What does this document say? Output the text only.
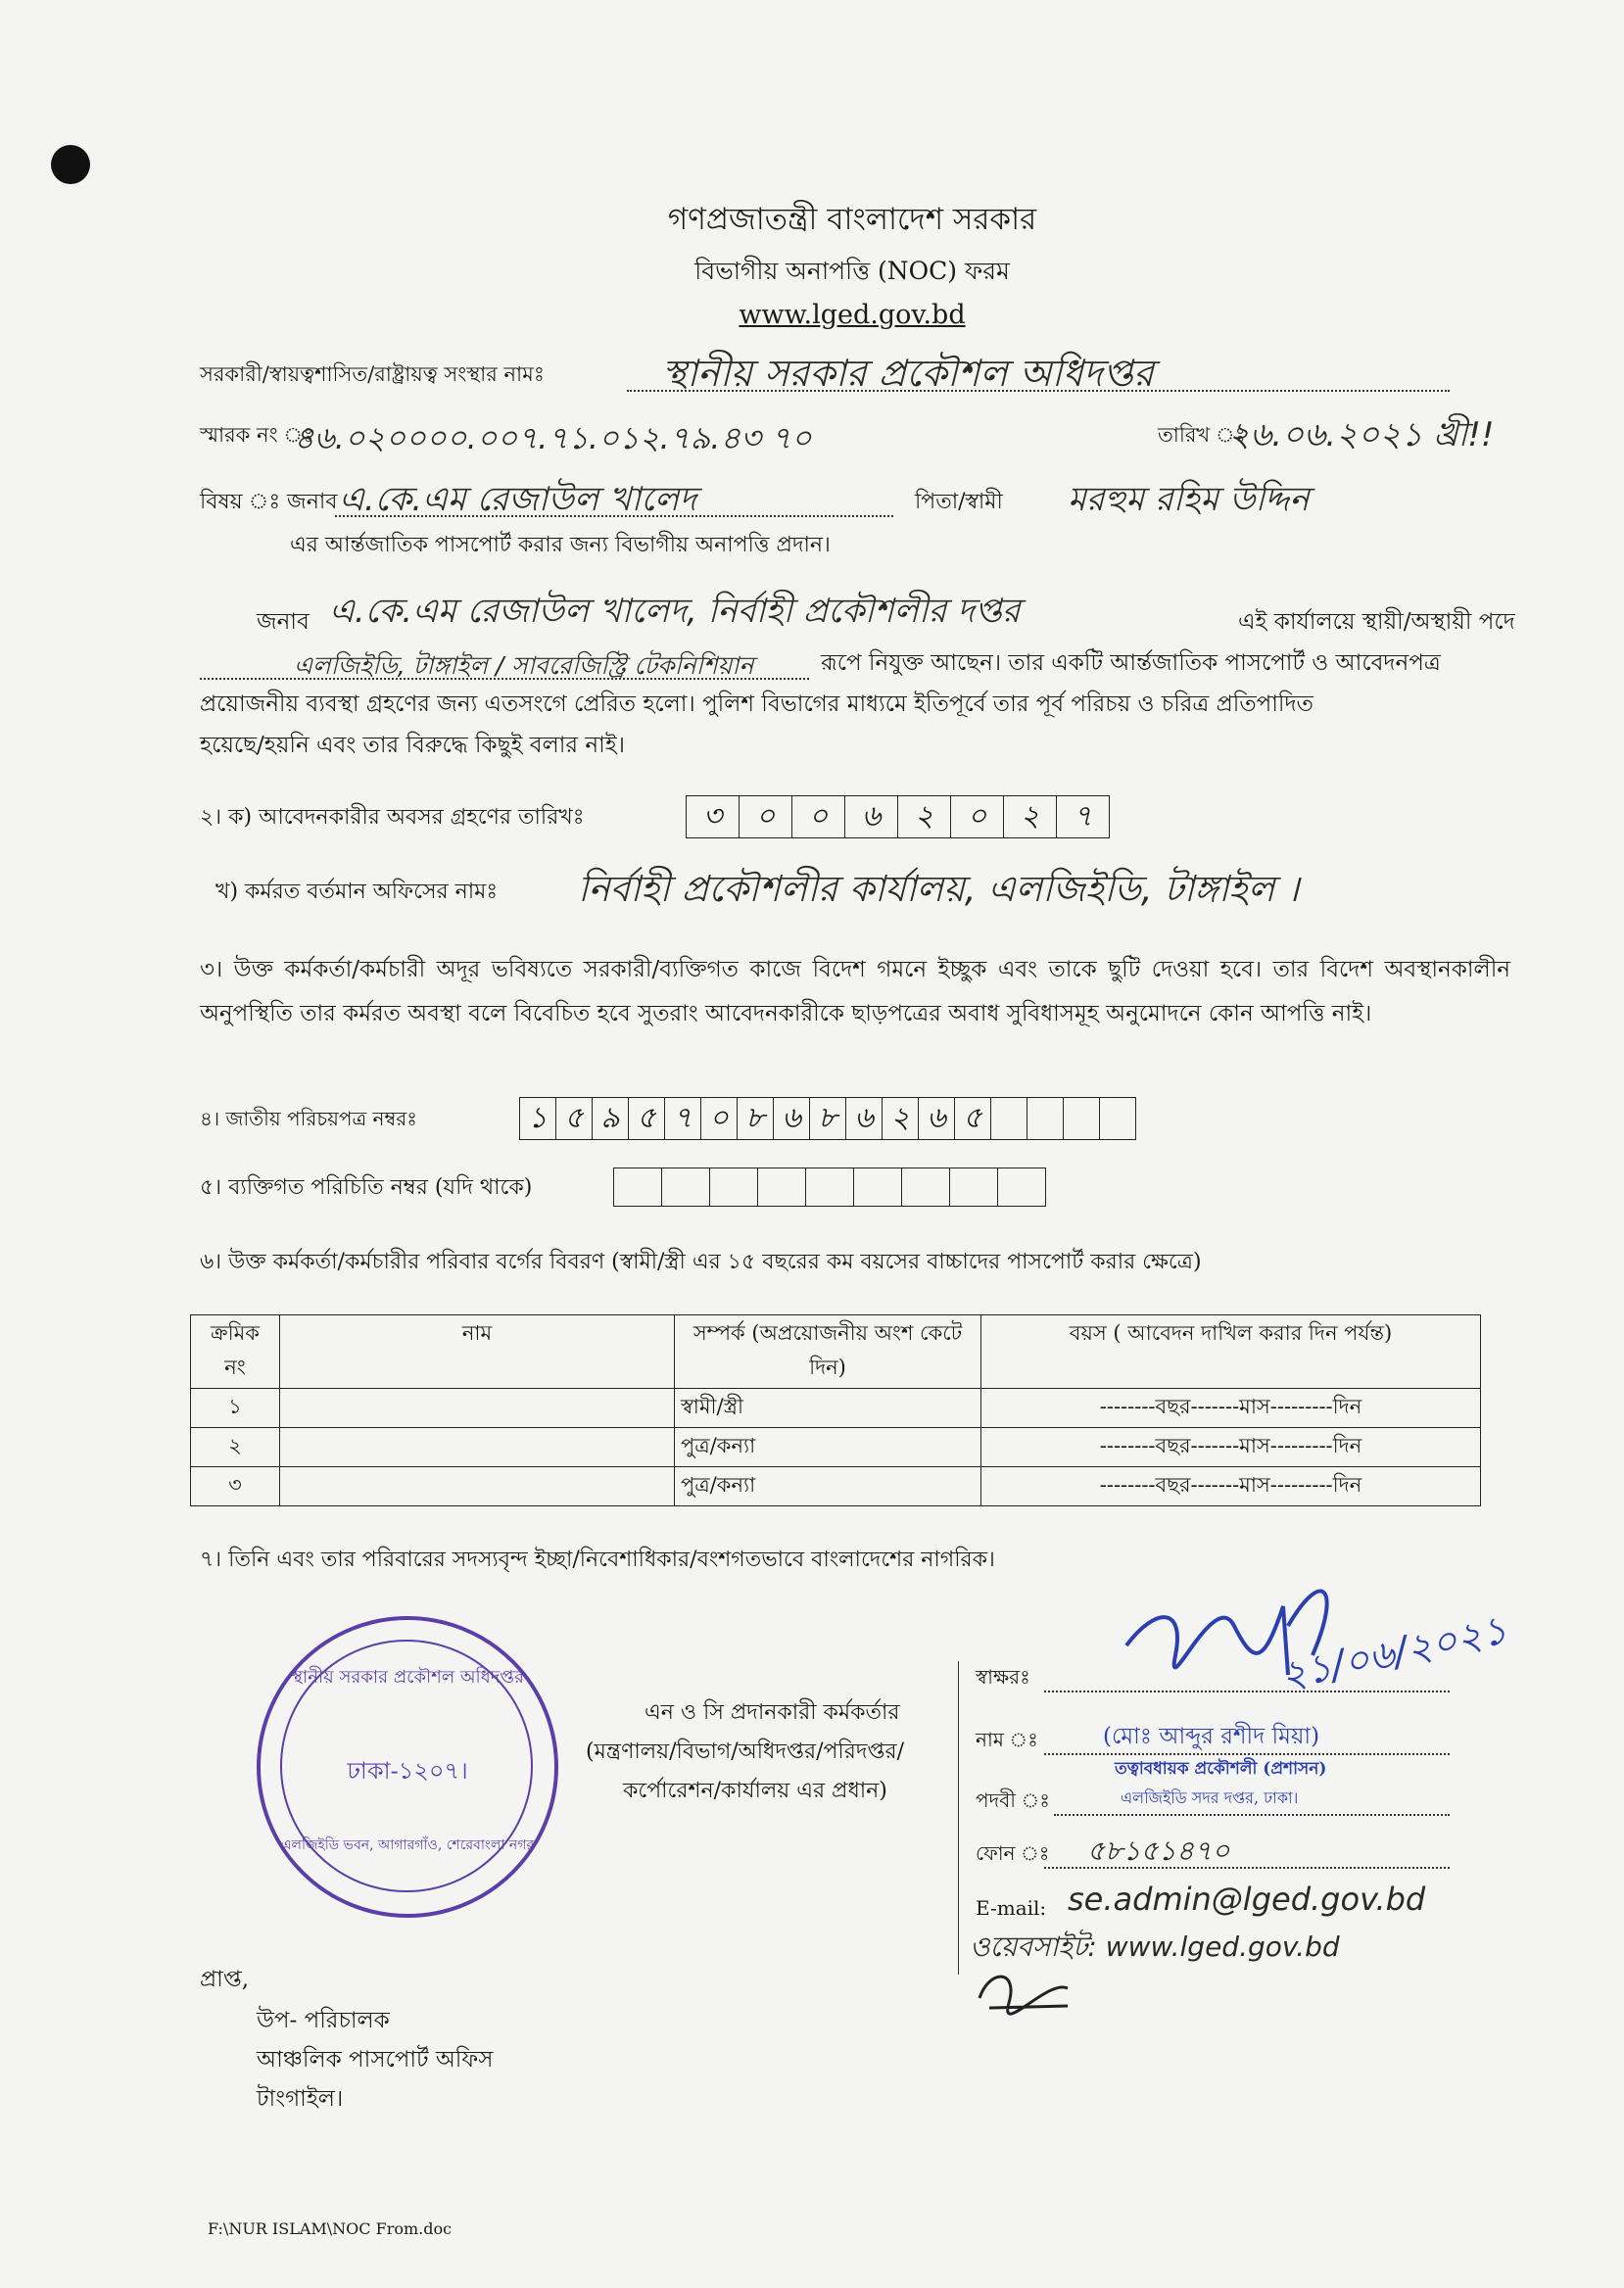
গণপ্রজাতন্ত্রী বাংলাদেশ সরকার
বিভাগীয় অনাপত্তি (NOC) ফরম
www.lged.gov.bd
সরকারী/স্বায়ত্বশাসিত/রাষ্ট্রায়ত্ব সংস্থার নামঃ	স্থানীয় সরকার প্রকৌশল অধিদপ্তর
স্মারক নং ঃ
৪৬.০২০০০০.০০৭.৭১.০১২.৭৯.৪৩ ৭০	তারিখ ঃ
২৬.০৬.২০২১ খ্রী!!
বিষয় ঃ জনাব এ.কে.এম রেজাউল খালেদ	পিতা/স্বামী মরহুম রহিম উদ্দিন
এর আর্ন্তজাতিক পাসপোর্ট করার জন্য বিভাগীয় অনাপত্তি প্রদান।
জনাব এ.কে.এম রেজাউল খালেদ, নির্বাহী প্রকৌশলীর দপ্তর	এই কার্যালয়ে স্থায়ী/অস্থায়ী পদে
এলজিইডি, টাঙ্গাইল / সাবরেজিস্ট্রি টেকনিশিয়ান	রূপে নিযুক্ত আছেন। তার একটি আর্ন্তজাতিক পাসপোর্ট ও আবেদনপত্র
প্রয়োজনীয় ব্যবস্থা গ্রহণের জন্য এতসংগে প্রেরিত হলো। পুলিশ বিভাগের মাধ্যমে ইতিপূর্বে তার পূর্ব পরিচয় ও চরিত্র প্রতিপাদিত
হয়েছে/হয়নি এবং তার বিরুদ্ধে কিছুই বলার নাই।
২। ক) আবেদনকারীর অবসর গ্রহণের তারিখঃ	৩	০	০	৬	২	০	২	৭
খ) কর্মরত বর্তমান অফিসের নামঃ নির্বাহী প্রকৌশলীর কার্যালয়, এলজিইডি, টাঙ্গাইল ।
৩। উক্ত কর্মকর্তা/কর্মচারী অদূর ভবিষ্যতে সরকারী/ব্যক্তিগত কাজে বিদেশ গমনে ইচ্ছুক এবং তাকে ছুটি দেওয়া হবে। তার বিদেশ অবস্থানকালীন অনুপস্থিতি তার কর্মরত অবস্থা বলে বিবেচিত হবে সুতরাং আবেদনকারীকে ছাড়পত্রের অবাধ সুবিধাসমূহ অনুমোদনে কোন আপত্তি নাই।
৪। জাতীয় পরিচয়পত্র নম্বরঃ	১ ৫ ৯ ৫ ৭ ০ ৮ ৬ ৮ ৬ ২ ৬ ৫
৫। ব্যক্তিগত পরিচিতি নম্বর (যদি থাকে)
৬। উক্ত কর্মকর্তা/কর্মচারীর পরিবার বর্গের বিবরণ (স্বামী/স্ত্রী এর ১৫ বছরের কম বয়সের বাচ্চাদের পাসপোর্ট করার ক্ষেত্রে)
ক্রমিক নং	নাম	সম্পর্ক (অপ্রয়োজনীয় অংশ কেটে দিন)	বয়স ( আবেদন দাখিল করার দিন পর্যন্ত)
১		স্বামী/স্ত্রী	--------বছর-------মাস---------দিন
২		পুত্র/কন্যা	--------বছর-------মাস---------দিন
৩		পুত্র/কন্যা	--------বছর-------মাস---------দিন
৭। তিনি এবং তার পরিবারের সদস্যবৃন্দ ইচ্ছা/নিবেশাধিকার/বংশগতভাবে বাংলাদেশের নাগরিক।
স্থানীয় সরকার প্রকৌশল অধিদপ্তর
ঢাকা-১২০৭।
এলজিইডি ভবন, আগারগাঁও, শেরেবাংলা নগর
এন ও সি প্রদানকারী কর্মকর্তার
(মন্ত্রণালয়/বিভাগ/অধিদপ্তর/পরিদপ্তর/
কর্পোরেশন/কার্যালয় এর প্রধান)
স্বাক্ষরঃ	২১/০৬/২০২১
নাম ঃ	(মোঃ আব্দুর রশীদ মিয়া)
তত্বাবধায়ক প্রকৌশলী (প্রশাসন)
পদবী ঃ	এলজিইডি সদর দপ্তর, ঢাকা।
ফোন ঃ ৫৮১৫১৪৭০
E-mail: se.admin@lged.gov.bd
ওয়েবসাইট: www.lged.gov.bd
প্রাপ্ত,
উপ- পরিচালক
আঞ্চলিক পাসপোর্ট অফিস
টাংগাইল।
F:\NUR ISLAM\NOC From.doc
